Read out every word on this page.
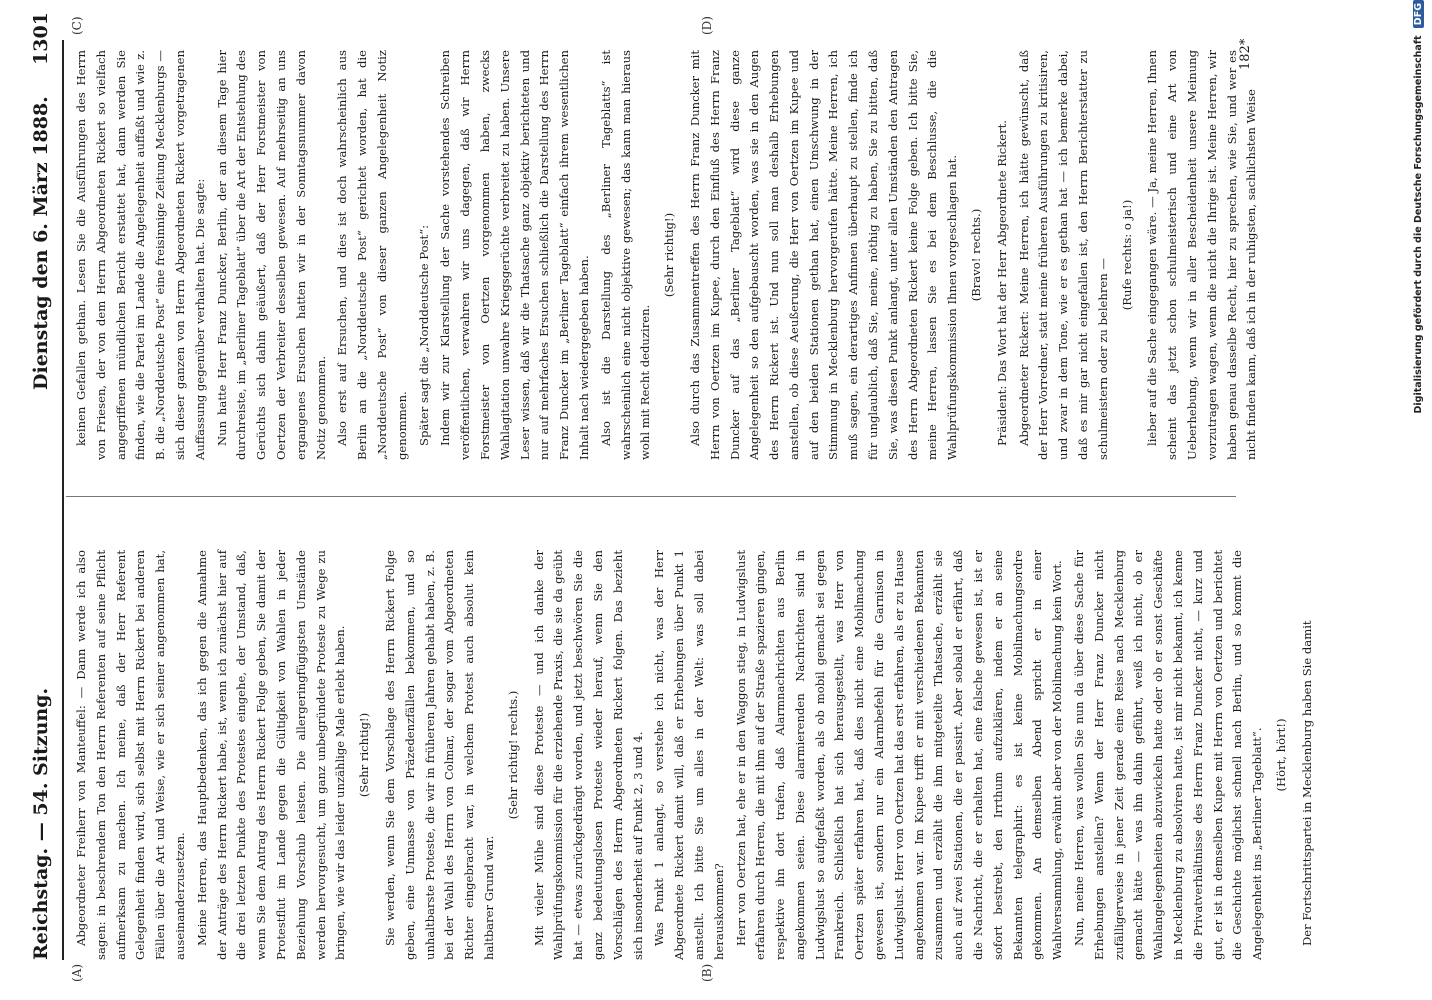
Reichstag. — 54. Sitzung.
Dienstag den 6. März 1888.
1301
(A)	(B)
(C)	(D)

Abgeordneter Freiherr von Manteuffel: — Dann werde ich also sagen: in beschrendem Ton den Herrn Referenten auf seine Pflicht aufmerksam zu machen. Ich meine, daß der Herr Referent Gelegenheit finden wird, sich selbst mit Herrn Rickert bei anderen Fällen über die Art und Weise, wie er sich seiner angenommen hat, auseinanderzusetzen. Meine Herren, das Hauptbedenken, das ich gegen die Annahme der Anträge des Herrn Rickert habe, ist, wenn ich zunächst hier auf die drei letzten Punkte des Protestes eingehe, der Umstand, daß, wenn Sie dem Antrag des Herrn Rickert Folge geben, Sie damit der Protestflut im Lande gegen die Gültigkeit von Wahlen in jeder Beziehung Vorschub leisten. Die allergeringfügigsten Umstände werden hervorgesucht, um ganz unbegründete Proteste zu Wege zu bringen, wie wir das leider unzählige Male erlebt haben. (Sehr richtig!)	Sie werden, wenn Sie dem Vorschlage des Herrn Rickert Folge geben, eine Unmasse von Präzedenzfällen bekommen, und so unhaltbarste Proteste, die wir in früheren Jahren gehabt haben, z. B. bei der Wahl des Herrn von Colmar, der sogar vom Abgeordneten Richter eingebracht war, in welchem Protest auch absolut kein haltbarer Grund war.

(Sehr richtig! rechts.)	Mit vieler Mühe sind diese Proteste — und ich danke der Wahlprüfungskommission für die erziehende Praxis, die sie da geübt hat — etwas zurückgedrängt worden, und jetzt beschwören Sie die ganz bedeutungslosen Proteste wieder herauf, wenn Sie den Vorschlägen des Herrn Abgeordneten Rickert folgen. Das bezieht sich insonderheit auf Punkt 2, 3 und 4. Was Punkt 1 anlangt, so verstehe ich nicht, was der Herr Abgeordnete Rickert damit will, daß er Erhebungen über Punkt 1 anstellt. Ich bitte Sie um alles in der Welt: was soll dabei herauskommen? Herr von Oertzen hat, ehe er in den Waggon stieg, in Ludwigslust erfahren durch Herren, die mit ihm auf der Straße spazieren gingen, respektive ihn dort trafen, daß Alarmnachrichten aus Berlin angekommen seien. Diese alarmierenden Nachrichten sind in Ludwigslust so aufgefaßt worden, als ob mobil gemacht sei gegen Frankreich. Schließlich hat sich herausgestellt, was Herr von Oertzen später erfahren hat, daß dies nicht eine Mobilmachung gewesen ist, sondern nur ein Alarmbefehl für die Garnison in Ludwigslust. Herr von Oertzen hat das erst erfahren, als er zu Hause angekommen war. Im Kupee trifft er mit verschiedenen Bekannten zusammen und erzählt die ihm mitgeteilte Thatsache, erzählt sie auch auf zwei Stationen, die er passirt. Aber sobald er erfährt, daß die Nachricht, die er erhalten hat, eine falsche gewesen ist, ist er sofort bestrebt, den Irrthum aufzuklären, indem er an seine Bekannten telegraphirt: es ist keine Mobilmachungsordre gekommen. An demselben Abend spricht er in einer Wahlversammlung, erwähnt aber von der Mobilmachung kein Wort. Nun, meine Herren, was wollen Sie nun da über diese Sache für Erhebungen anstellen? Wenn der Herr Franz Duncker nicht zufälligerweise in jener Zeit gerade eine Reise nach Mecklenburg gemacht hätte — was ihn dahin geführt, weiß ich nicht, ob er Wahlangelegenheiten abzuwickeln hatte oder ob er sonst Geschäfte in Mecklenburg zu absolviren hatte, ist mir nicht bekannt, ich kenne die Privatverhältnisse des Herrn Franz Duncker nicht, — kurz und gut, er ist in demselben Kupee mit Herrn von Oertzen und berichtet die Geschichte möglichst schnell nach Berlin, und so kommt die Angelegenheit ins „Berliner Tageblatt“. (Hört, hört!)	Der Fortschrittspartei in Mecklenburg haben Sie damit

keinen Gefallen gethan. Lesen Sie die Ausführungen des Herrn von Friesen, der von dem Herrn Abgeordneten Rickert so vielfach angegriffenen mündlichen Bericht erstattet hat, dann werden Sie finden, wie die Partei im Lande die Angelegenheit auffaßt und wie z. B. die „Norddeutsche Post“ eine freisinnige Zeitung Mecklenburgs — sich dieser ganzen von Herrn Abgeordneten Rickert vorgetragenen Auffassung gegenüber verhalten hat. Die sagte: Nun hatte Herr Franz Duncker, Berlin, der an diesem Tage hier durchreiste, im „Berliner Tageblatt“ über die Art der Entstehung des Gerüchts sich dahin geäußert, daß der Herr Forstmeister von Oertzen der Verbreiter desselben gewesen. Auf mehrseitig an uns ergangenes Ersuchen hatten wir in der Sonntagsnummer davon Notiz genommen. Also erst auf Ersuchen, und dies ist doch wahrscheinlich aus Berlin an die „Norddeutsche Post“ gerichtet worden, hat die „Norddeutsche Post“ von dieser ganzen Angelegenheit Notiz genommen. Später sagt die „Norddeutsche Post“: Indem wir zur Klarstellung der Sache vorstehendes Schreiben veröffentlichen, verwahren wir uns dagegen, daß wir Herrn Forstmeister von Oertzen vorgenommen haben, zwecks Wahlagitation unwahre Kriegsgerüchte verbreitet zu haben. Unsere Leser wissen, daß wir die Thatsache ganz objektiv berichteten und nur auf mehrfaches Ersuchen schließlich die Darstellung des Herrn Franz Duncker im „Berliner Tageblatt“ einfach ihrem wesentlichen Inhalt nach wiedergegeben haben. Also ist die Darstellung des „Berliner Tageblatts“ ist wahrscheinlich eine nicht objektive gewesen; das kann man hieraus wohl mit Recht deduziren.

(Sehr richtig!)	Also durch das Zusammentreffen des Herrn Franz Duncker mit Herrn von Oertzen im Kupee, durch den Einfluß des Herrn Franz Duncker auf das „Berliner Tageblatt“ wird diese ganze Angelegenheit so den aufgebauscht worden, was sie in den Augen des Herrn Rickert ist. Und nun soll man deshalb Erhebungen anstellen, ob diese Aeußerung, die Herr von Oertzen im Kupee und auf den beiden Stationen gethan hat, einen Umschwung in der Stimmung in Mecklenburg hervorgerufen hätte. Meine Herren, ich muß sagen, ein derartiges Anfinnen überhaupt zu stellen, finde ich für unglaublich, daß Sie, meine, nöthig zu haben, Sie zu bitten, daß Sie, was diesen Punkt anlangt, unter allen Umständen den Antragen des Herrn Abgeordneten Rickert keine Folge geben. Ich bitte Sie, meine Herren, lassen Sie es bei dem Beschlusse, die die Wahlprüfungskommission Ihnen vorgeschlagen hat. (Bravo! rechts.)	Präsident: Das Wort hat der Herr Abgeordnete Rickert. Abgeordneter Rickert: Meine Herren, ich hätte gewünscht, daß der Herr Vorredner, statt meine früheren Ausführungen zu kritisiren, und zwar in dem Tone, wie er es gethan hat — ich bemerke dabei, daß es mir gar nicht eingefallen ist, den Herrn Berichterstatter zu schulmeistern oder zu belehren —

(Rufe rechts: o ja!)	lieber auf die Sache eingegangen wäre. — Ja, meine Herren, Ihnen scheint das jetzt schon schulmeisterisch und eine Art von Ueberhebung, wenn wir in aller Bescheidenheit unsere Meinung vorzutragen wagen, wenn die nicht die Ihrige ist. Meine Herren, wir haben genau dasselbe Recht, hier zu sprechen, wie Sie, und wer es nicht finden kann, daß ich in der ruhigsten, sachlichsten Weise

182*	Digitalisierung gefördert durch die Deutsche Forschungsgemeinschaft DFG
